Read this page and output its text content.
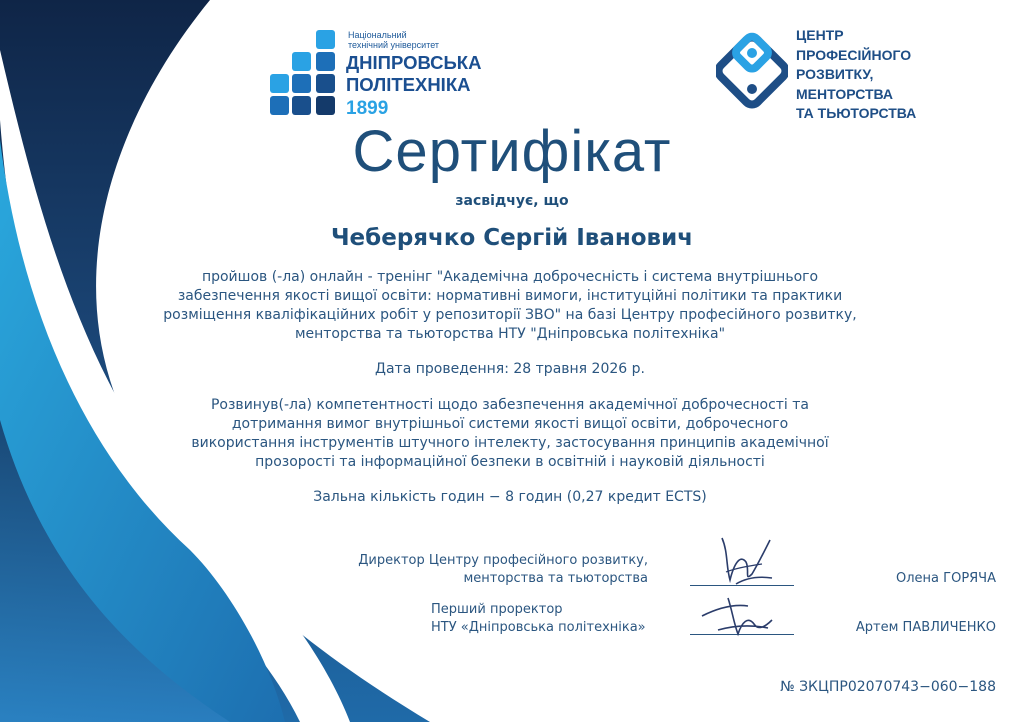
Національний
технічний університет
ДНІПРОВСЬКА
ПОЛІТЕХНІКА
1899
ЦЕНТР
ПРОФЕСІЙНОГО
РОЗВИТКУ,
МЕНТОРСТВА
ТА ТЬЮТОРСТВА
Сертифікат
засвідчує, що
Чеберячко Сергій Іванович
пройшов (-ла) онлайн - тренінг "Академічна доброчесність і система внутрішнього забезпечення якості вищої освіти: нормативні вимоги, інституційні політики та практики розміщення кваліфікаційних робіт у репозиторії ЗВО" на базі Центру професійного розвитку, менторства та тьюторства НТУ "Дніпровська політехніка"
Дата проведення: 28 травня 2026 р.
Розвинув(-ла) компетентності щодо забезпечення академічної доброчесності та дотримання вимог внутрішньої системи якості вищої освіти, доброчесного використання інструментів штучного інтелекту, застосування принципів академічної прозорості та інформаційної безпеки в освітній і науковій діяльності
Зальна кількість годин − 8 годин (0,27 кредит ECTS)
Директор Центру професійного розвитку,
менторства та тьюторства	Олена ГОРЯЧА
Перший проректор
НТУ «Дніпровська політехніка»	Артем ПАВЛИЧЕНКО
№ ЗКЦПР02070743−060−188
